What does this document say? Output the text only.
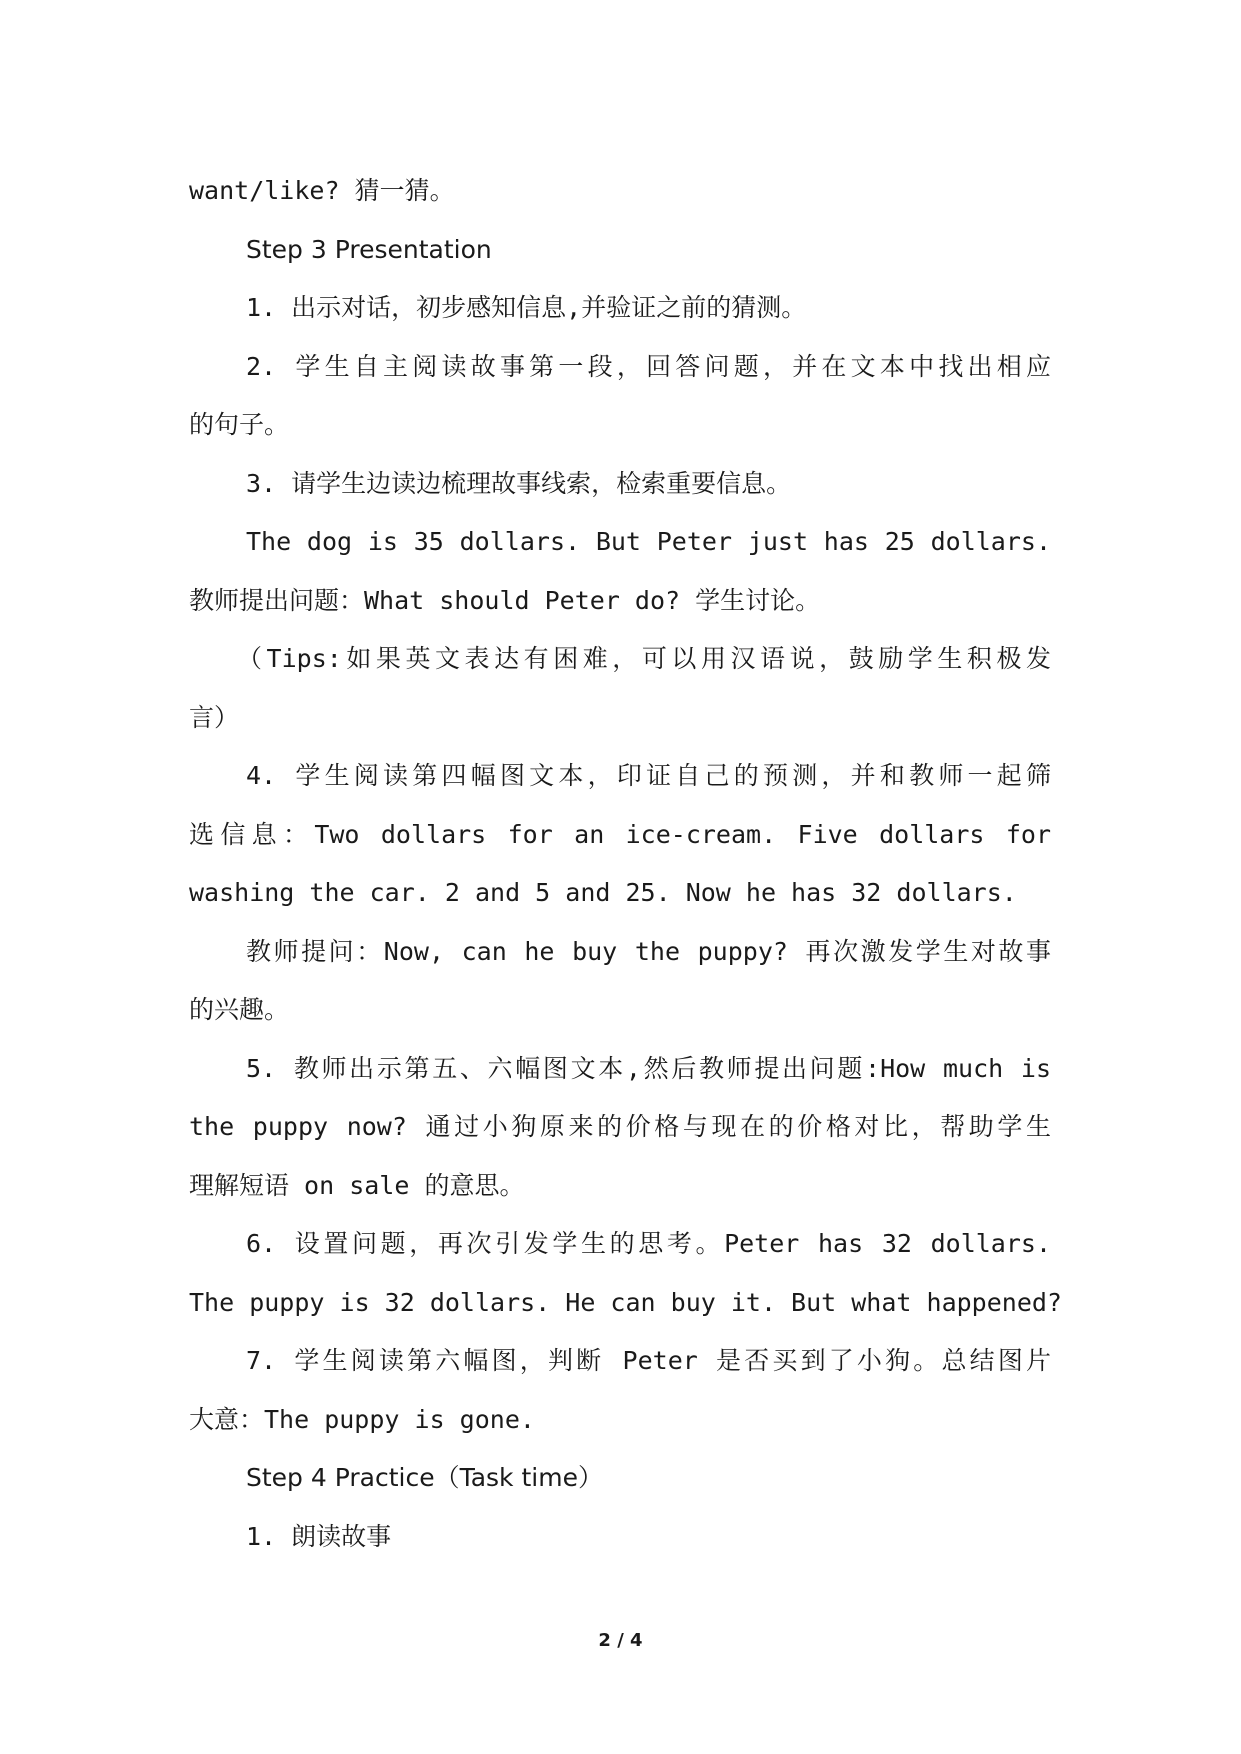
want/like? 猜一猜。
Step 3 Presentation
1. 出示对话，初步感知信息,并验证之前的猜测。
2. 学生自主阅读故事第一段，回答问题，并在文本中找出相应
的句子。
3. 请学生边读边梳理故事线索，检索重要信息。
The dog is 35 dollars. But Peter just has 25 dollars.
教师提出问题：What should Peter do? 学生讨论。
（Tips:如果英文表达有困难，可以用汉语说，鼓励学生积极发
言）
4. 学生阅读第四幅图文本，印证自己的预测，并和教师一起筛
选信息：Two dollars for an ice-cream. Five dollars for
washing the car. 2 and 5 and 25. Now he has 32 dollars.
教师提问：Now, can he buy the puppy? 再次激发学生对故事
的兴趣。
5. 教师出示第五、六幅图文本,然后教师提出问题:How much is
the puppy now? 通过小狗原来的价格与现在的价格对比，帮助学生
理解短语 on sale 的意思。
6. 设置问题，再次引发学生的思考。Peter has 32 dollars.
The puppy is 32 dollars. He can buy it. But what happened?
7. 学生阅读第六幅图，判断 Peter 是否买到了小狗。总结图片
大意：The puppy is gone.
Step 4 Practice（Task time）
1. 朗读故事
2 / 4
